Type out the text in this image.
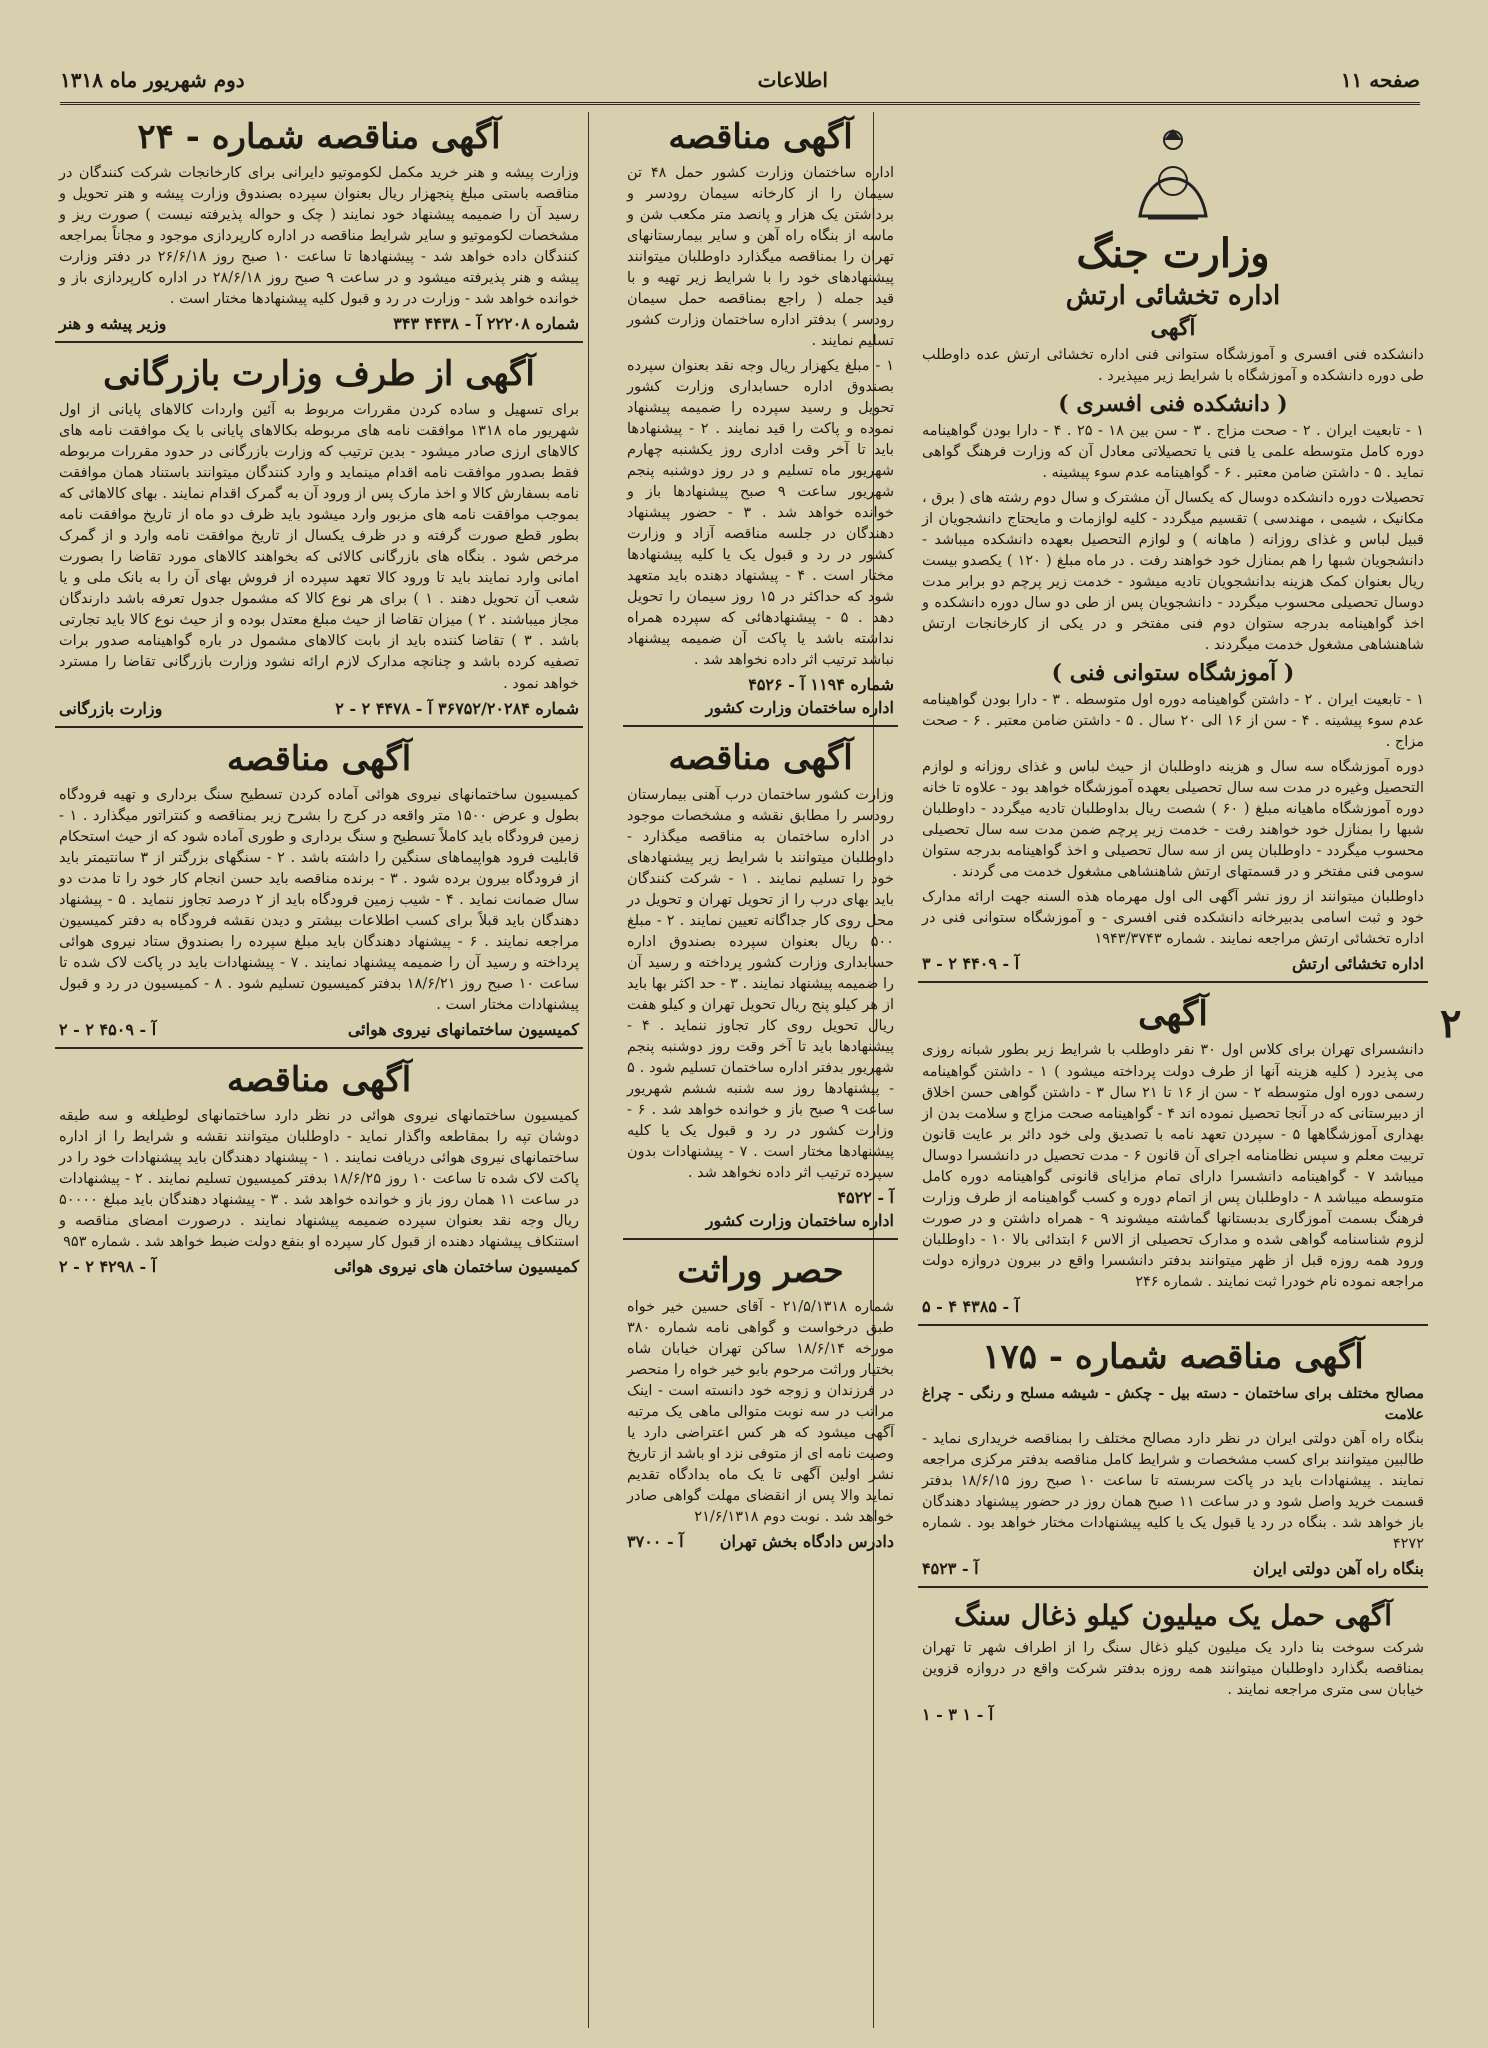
صفحه ۱۱
اطلاعات
دوم شهریور ماه ۱۳۱۸
وزارت جنگ
اداره تخشائی ارتش
آگهی

دانشکده فنی افسری و آموزشگاه ستوانی فنی اداره تخشائی ارتش عده داوطلب طی دوره دانشکده و آموزشگاه با شرایط زیر میپذیرد .

( دانشکده فنی افسری )

۱ - تابعیت ایران . ۲ - صحت مزاج . ۳ - سن بین ۱۸ - ۲۵ . ۴ - دارا بودن گواهینامه دوره کامل متوسطه علمی یا فنی یا تحصیلاتی معادل آن که وزارت فرهنگ گواهی نماید . ۵ - داشتن ضامن معتبر . ۶ - گواهینامه عدم سوء پیشینه .

تحصیلات دوره دانشکده دوسال که یکسال آن مشترک و سال دوم رشته های ( برق ، مکانیک ، شیمی ، مهندسی ) تقسیم میگردد - کلیه لوازمات و مایحتاج دانشجویان از قبیل لباس و غذای روزانه ( ماهانه ) و لوازم التحصیل بعهده دانشکده میباشد - دانشجویان شبها را هم بمنازل خود خواهند رفت . در ماه مبلغ ( ۱۲۰ ) یکصدو بیست ریال بعنوان کمک هزینه بدانشجویان تادیه میشود - خدمت زیر پرچم دو برابر مدت دوسال تحصیلی محسوب میگردد - دانشجویان پس از طی دو سال دوره دانشکده و اخذ گواهینامه بدرجه ستوان دوم فنی مفتخر و در یکی از کارخانجات ارتش شاهنشاهی مشغول خدمت میگردند .

( آموزشگاه ستوانی فنی )

۱ - تابعیت ایران . ۲ - داشتن گواهینامه دوره اول متوسطه . ۳ - دارا بودن گواهینامه عدم سوء پیشینه . ۴ - سن از ۱۶ الی ۲۰ سال . ۵ - داشتن ضامن معتبر . ۶ - صحت مزاج .

دوره آموزشگاه سه سال و هزینه داوطلبان از حیث لباس و غذای روزانه و لوازم التحصیل وغیره در مدت سه سال تحصیلی بعهده آموزشگاه خواهد بود - علاوه تا خانه دوره آموزشگاه ماهیانه مبلغ ( ۶۰ ) شصت ریال بداوطلبان تادیه میگردد - داوطلبان شبها را بمنازل خود خواهند رفت - خدمت زیر پرچم ضمن مدت سه سال تحصیلی محسوب میگردد - داوطلبان پس از سه سال تحصیلی و اخذ گواهینامه بدرجه ستوان سومی فنی مفتخر و در قسمتهای ارتش شاهنشاهی مشغول خدمت می گردند .

داوطلبان میتوانند از روز نشر آگهی الی اول مهرماه هذه السنه جهت ارائه مدارک خود و ثبت اسامی بدبیرخانه دانشکده فنی افسری - و آموزشگاه ستوانی فنی در اداره تخشائی ارتش مراجعه نمایند . شماره ۱۹۴۳/۳۷۴۳

اداره تخشائی ارتش
آ - ۴۴۰۹ ۲ - ۳
آگهی

دانشسرای تهران برای کلاس اول ۳۰ نفر داوطلب با شرایط زیر بطور شبانه روزی می پذیرد ( کلیه هزینه آنها از طرف دولت پرداخته میشود ) ۱ - داشتن گواهینامه رسمی دوره اول متوسطه ۲ - سن از ۱۶ تا ۲۱ سال ۳ - داشتن گواهی حسن اخلاق از دبیرستانی که در آنجا تحصیل نموده اند ۴ - گواهینامه صحت مزاج و سلامت بدن از بهداری آموزشگاهها ۵ - سپردن تعهد نامه با تصدیق ولی خود دائر بر عایت قانون تربیت معلم و سپس نظامنامه اجرای آن قانون ۶ - مدت تحصیل در دانشسرا دوسال میباشد ۷ - گواهینامه دانشسرا دارای تمام مزایای قانونی گواهینامه دوره کامل متوسطه میباشد ۸ - داوطلبان پس از اتمام دوره و کسب گواهینامه از طرف وزارت فرهنگ بسمت آموزگاری بدبستانها گماشته میشوند ۹ - همراه داشتن و در صورت لزوم شناسنامه گواهی شده و مدارک تحصیلی از الاس ۶ ابتدائی بالا ۱۰ - داوطلبان ورود همه روزه قبل از ظهر میتوانند بدفتر دانشسرا واقع در بیرون دروازه دولت مراجعه نموده نام خودرا ثبت نمایند . شماره ۲۴۶

آ - ۴۳۸۵ ۴ - ۵
آگهی مناقصه شماره - ۱۷۵

مصالح مختلف برای ساختمان - دسته بیل - چکش - شیشه مسلح و رنگی - چراغ علامت

بنگاه راه آهن دولتی ایران در نظر دارد مصالح مختلف را بمناقصه خریداری نماید - طالبین میتوانند برای کسب مشخصات و شرایط کامل مناقصه بدفتر مرکزی مراجعه نمایند . پیشنهادات باید در پاکت سربسته تا ساعت ۱۰ صبح روز ۱۸/۶/۱۵ بدفتر قسمت خرید واصل شود و در ساعت ۱۱ صبح همان روز در حضور پیشنهاد دهندگان باز خواهد شد . بنگاه در رد یا قبول یک یا کلیه پیشنهادات مختار خواهد بود . شماره ۴۲۷۲

بنگاه راه آهن دولتی ایران
آ - ۴۵۲۳
آگهی حمل یک میلیون کیلو ذغال سنگ

شرکت سوخت بنا دارد یک میلیون کیلو ذغال سنگ را از اطراف شهر تا تهران بمناقصه بگذارد داوطلبان میتوانند همه روزه بدفتر شرکت واقع در دروازه قزوین خیابان سی متری مراجعه نمایند .

آ - ۱ ۳ - ۱
آگهی مناقصه

اداره ساختمان وزارت کشور حمل ۴۸ تن سیمان را از کارخانه سیمان رودسر و برداشتن یک هزار و پانصد متر مکعب شن و ماسه از بنگاه راه آهن و سایر بیمارستانهای تهران را بمناقصه میگذارد داوطلبان میتوانند پیشنهادهای خود را با شرایط زیر تهیه و با قید جمله ( راجع بمناقصه حمل سیمان رودسر ) بدفتر اداره ساختمان وزارت کشور تسلیم نمایند .

۱ - مبلغ یکهزار ریال وجه نقد بعنوان سپرده بصندوق اداره حسابداری وزارت کشور تحویل و رسید سپرده را ضمیمه پیشنهاد نموده و پاکت را قید نمایند . ۲ - پیشنهادها باید تا آخر وقت اداری روز یکشنبه چهارم شهریور ماه تسلیم و در روز دوشنبه پنجم شهریور ساعت ۹ صبح پیشنهادها باز و خوانده خواهد شد . ۳ - حضور پیشنهاد دهندگان در جلسه مناقصه آزاد و وزارت کشور در رد و قبول یک یا کلیه پیشنهادها مختار است . ۴ - پیشنهاد دهنده باید متعهد شود که حداکثر در ۱۵ روز سیمان را تحویل دهد . ۵ - پیشنهادهائی که سپرده همراه نداشته باشد یا پاکت آن ضمیمه پیشنهاد نباشد ترتیب اثر داده نخواهد شد .

شماره ۱۱۹۴ آ - ۴۵۲۶
اداره ساختمان وزارت کشور
آگهی مناقصه

وزارت کشور ساختمان درب آهنی بیمارستان رودسر را مطابق نقشه و مشخصات موجود در اداره ساختمان به مناقصه میگذارد - داوطلبان میتوانند با شرایط زیر پیشنهادهای خود را تسلیم نمایند . ۱ - شرکت کنندگان باید بهای درب را از تحویل تهران و تحویل در محل روی کار جداگانه تعیین نمایند . ۲ - مبلغ ۵۰۰ ریال بعنوان سپرده بصندوق اداره حسابداری وزارت کشور پرداخته و رسید آن را ضمیمه پیشنهاد نمایند . ۳ - حد اکثر بها باید از هر کیلو پنج ریال تحویل تهران و کیلو هفت ریال تحویل روی کار تجاوز ننماید . ۴ - پیشنهادها باید تا آخر وقت روز دوشنبه پنجم شهریور بدفتر اداره ساختمان تسلیم شود . ۵ - پیشنهادها روز سه شنبه ششم شهریور ساعت ۹ صبح باز و خوانده خواهد شد . ۶ - وزارت کشور در رد و قبول یک یا کلیه پیشنهادها مختار است . ۷ - پیشنهادات بدون سپرده ترتیب اثر داده نخواهد شد .

آ - ۴۵۲۲
اداره ساختمان وزارت کشور
حصر وراثت

شماره ۲۱/۵/۱۳۱۸ - آقای حسین خیر خواه طبق درخواست و گواهی نامه شماره ۳۸۰ مورخه ۱۸/۶/۱۴ ساکن تهران خیابان شاه بختیار وراثت مرحوم بابو خیر خواه را منحصر در فرزندان و زوجه خود دانسته است - اینک مراتب در سه نوبت متوالی ماهی یک مرتبه آگهی میشود که هر کس اعتراضی دارد یا وصیت نامه ای از متوفی نزد او باشد از تاریخ نشر اولین آگهی تا یک ماه بدادگاه تقدیم نماید والا پس از انقضای مهلت گواهی صادر خواهد شد . نوبت دوم ۲۱/۶/۱۳۱۸

دادرس دادگاه بخش تهران
آ - ۳۷۰۰
آگهی مناقصه شماره - ۲۴

وزارت پیشه و هنر خرید مکمل لکوموتیو دایرانی برای کارخانجات شرکت کنندگان در مناقصه باستی مبلغ پنجهزار ریال بعنوان سپرده بصندوق وزارت پیشه و هنر تحویل و رسید آن را ضمیمه پیشنهاد خود نمایند ( چک و حواله پذیرفته نیست ) صورت ریز و مشخصات لکوموتیو و سایر شرایط مناقصه در اداره کارپردازی موجود و مجاناً بمراجعه کنندگان داده خواهد شد - پیشنهادها تا ساعت ۱۰ صبح روز ۲۶/۶/۱۸ در دفتر وزارت پیشه و هنر پذیرفته میشود و در ساعت ۹ صبح روز ۲۸/۶/۱۸ در اداره کارپردازی باز و خوانده خواهد شد - وزارت در رد و قبول کلیه پیشنهادها مختار است .

شماره ۲۲۲۰۸ آ - ۴۴۳۸ ۳۴۳
وزیر پیشه و هنر
آگهی از طرف وزارت بازرگانی

برای تسهیل و ساده کردن مقررات مربوط به آئین واردات کالاهای پایانی از اول شهریور ماه ۱۳۱۸ موافقت نامه های مربوطه بکالاهای پایانی با یک موافقت نامه های کالاهای ارزی صادر میشود - بدین ترتیب که وزارت بازرگانی در حدود مقررات مربوطه فقط بصدور موافقت نامه اقدام مینماید و وارد کنندگان میتوانند باستناد همان موافقت نامه بسفارش کالا و اخذ مارک پس از ورود آن به گمرک اقدام نمایند . بهای کالاهائی که بموجب موافقت نامه های مزبور وارد میشود باید ظرف دو ماه از تاریخ موافقت نامه بطور قطع صورت گرفته و در ظرف یکسال از تاریخ موافقت نامه وارد و از گمرک مرخص شود . بنگاه های بازرگانی کالائی که بخواهند کالاهای مورد تقاضا را بصورت امانی وارد نمایند باید تا ورود کالا تعهد سپرده از فروش بهای آن را به بانک ملی و یا شعب آن تحویل دهند . ۱ ) برای هر نوع کالا که مشمول جدول تعرفه باشد دارندگان مجاز میباشند . ۲ ) میزان تقاضا از حیث مبلغ معتدل بوده و از حیث نوع کالا باید تجارتی باشد . ۳ ) تقاضا کننده باید از بابت کالاهای مشمول در باره گواهینامه صدور برات تصفیه کرده باشد و چنانچه مدارک لازم ارائه نشود وزارت بازرگانی تقاضا را مسترد خواهد نمود .

شماره ۳۶۷۵۲/۲۰۲۸۴ آ - ۴۴۷۸ ۲ - ۲
وزارت بازرگانی
آگهی مناقصه

کمیسیون ساختمانهای نیروی هوائی آماده کردن تسطیح سنگ برداری و تهیه فرودگاه بطول و عرض ۱۵۰۰ متر واقعه در کرج را بشرح زیر بمناقصه و کنتراتور میگذارد . ۱ - زمین فرودگاه باید کاملاً تسطیح و سنگ برداری و طوری آماده شود که از حیث استحکام قابلیت فرود هواپیماهای سنگین را داشته باشد . ۲ - سنگهای بزرگتر از ۳ سانتیمتر باید از فرودگاه بیرون برده شود . ۳ - برنده مناقصه باید حسن انجام کار خود را تا مدت دو سال ضمانت نماید . ۴ - شیب زمین فرودگاه باید از ۲ درصد تجاوز ننماید . ۵ - پیشنهاد دهندگان باید قبلاً برای کسب اطلاعات بیشتر و دیدن نقشه فرودگاه به دفتر کمیسیون مراجعه نمایند . ۶ - پیشنهاد دهندگان باید مبلغ سپرده را بصندوق ستاد نیروی هوائی پرداخته و رسید آن را ضمیمه پیشنهاد نمایند . ۷ - پیشنهادات باید در پاکت لاک شده تا ساعت ۱۰ صبح روز ۱۸/۶/۲۱ بدفتر کمیسیون تسلیم شود . ۸ - کمیسیون در رد و قبول پیشنهادات مختار است .

کمیسیون ساختمانهای نیروی هوائی
آ - ۴۵۰۹ ۲ - ۲
آگهی مناقصه

کمیسیون ساختمانهای نیروی هوائی در نظر دارد ساختمانهای لوطیلغه و سه طبقه دوشان تپه را بمقاطعه واگذار نماید - داوطلبان میتوانند نقشه و شرایط را از اداره ساختمانهای نیروی هوائی دریافت نمایند . ۱ - پیشنهاد دهندگان باید پیشنهادات خود را در پاکت لاک شده تا ساعت ۱۰ روز ۱۸/۶/۲۵ بدفتر کمیسیون تسلیم نمایند . ۲ - پیشنهادات در ساعت ۱۱ همان روز باز و خوانده خواهد شد . ۳ - پیشنهاد دهندگان باید مبلغ ۵۰۰۰۰ ریال وجه نقد بعنوان سپرده ضمیمه پیشنهاد نمایند . درصورت امضای مناقصه و استنکاف پیشنهاد دهنده از قبول کار سپرده او بنفع دولت ضبط خواهد شد . شماره ۹۵۳

کمیسیون ساختمان های نیروی هوائی
آ - ۴۲۹۸ ۲ - ۲
۲
